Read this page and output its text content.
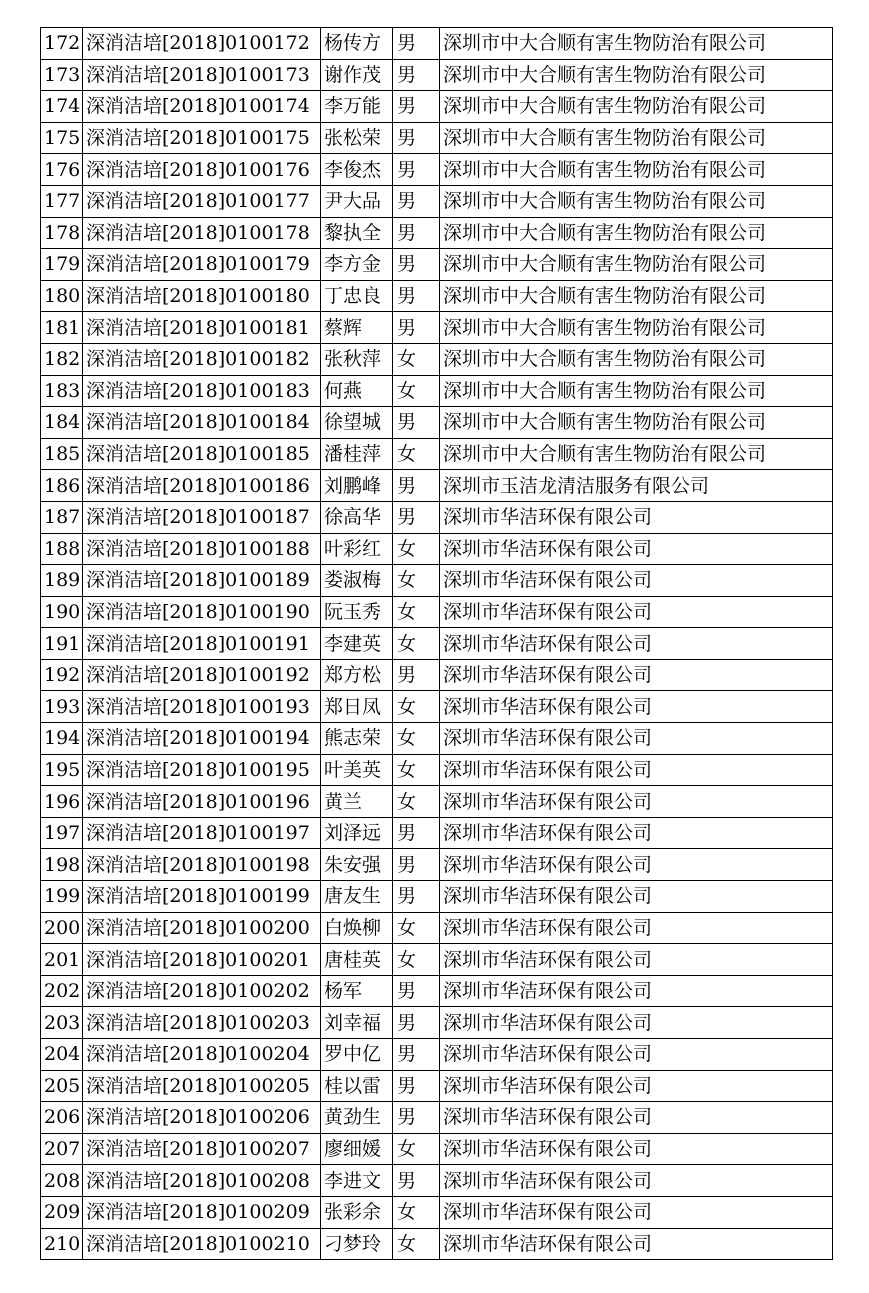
172	深消洁培[2018]0100172	杨传方	男	深圳市中大合顺有害生物防治有限公司
173	深消洁培[2018]0100173	谢作茂	男	深圳市中大合顺有害生物防治有限公司
174	深消洁培[2018]0100174	李万能	男	深圳市中大合顺有害生物防治有限公司
175	深消洁培[2018]0100175	张松荣	男	深圳市中大合顺有害生物防治有限公司
176	深消洁培[2018]0100176	李俊杰	男	深圳市中大合顺有害生物防治有限公司
177	深消洁培[2018]0100177	尹大品	男	深圳市中大合顺有害生物防治有限公司
178	深消洁培[2018]0100178	黎执全	男	深圳市中大合顺有害生物防治有限公司
179	深消洁培[2018]0100179	李方金	男	深圳市中大合顺有害生物防治有限公司
180	深消洁培[2018]0100180	丁忠良	男	深圳市中大合顺有害生物防治有限公司
181	深消洁培[2018]0100181	蔡辉	男	深圳市中大合顺有害生物防治有限公司
182	深消洁培[2018]0100182	张秋萍	女	深圳市中大合顺有害生物防治有限公司
183	深消洁培[2018]0100183	何燕	女	深圳市中大合顺有害生物防治有限公司
184	深消洁培[2018]0100184	徐望城	男	深圳市中大合顺有害生物防治有限公司
185	深消洁培[2018]0100185	潘桂萍	女	深圳市中大合顺有害生物防治有限公司
186	深消洁培[2018]0100186	刘鹏峰	男	深圳市玉洁龙清洁服务有限公司
187	深消洁培[2018]0100187	徐高华	男	深圳市华洁环保有限公司
188	深消洁培[2018]0100188	叶彩红	女	深圳市华洁环保有限公司
189	深消洁培[2018]0100189	娄淑梅	女	深圳市华洁环保有限公司
190	深消洁培[2018]0100190	阮玉秀	女	深圳市华洁环保有限公司
191	深消洁培[2018]0100191	李建英	女	深圳市华洁环保有限公司
192	深消洁培[2018]0100192	郑方松	男	深圳市华洁环保有限公司
193	深消洁培[2018]0100193	郑日凤	女	深圳市华洁环保有限公司
194	深消洁培[2018]0100194	熊志荣	女	深圳市华洁环保有限公司
195	深消洁培[2018]0100195	叶美英	女	深圳市华洁环保有限公司
196	深消洁培[2018]0100196	黄兰	女	深圳市华洁环保有限公司
197	深消洁培[2018]0100197	刘泽远	男	深圳市华洁环保有限公司
198	深消洁培[2018]0100198	朱安强	男	深圳市华洁环保有限公司
199	深消洁培[2018]0100199	唐友生	男	深圳市华洁环保有限公司
200	深消洁培[2018]0100200	白焕柳	女	深圳市华洁环保有限公司
201	深消洁培[2018]0100201	唐桂英	女	深圳市华洁环保有限公司
202	深消洁培[2018]0100202	杨军	男	深圳市华洁环保有限公司
203	深消洁培[2018]0100203	刘幸福	男	深圳市华洁环保有限公司
204	深消洁培[2018]0100204	罗中亿	男	深圳市华洁环保有限公司
205	深消洁培[2018]0100205	桂以雷	男	深圳市华洁环保有限公司
206	深消洁培[2018]0100206	黄劲生	男	深圳市华洁环保有限公司
207	深消洁培[2018]0100207	廖细媛	女	深圳市华洁环保有限公司
208	深消洁培[2018]0100208	李进文	男	深圳市华洁环保有限公司
209	深消洁培[2018]0100209	张彩余	女	深圳市华洁环保有限公司
210	深消洁培[2018]0100210	刁梦玲	女	深圳市华洁环保有限公司
